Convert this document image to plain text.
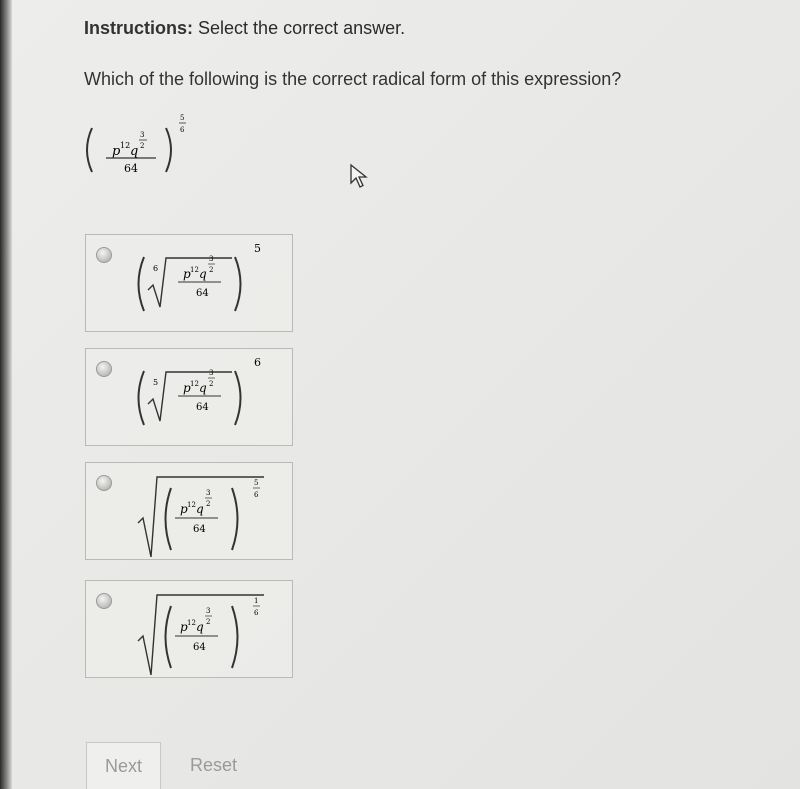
Instructions: Select the correct answer.
Which of the following is the correct radical form of this expression?
p 12 q
3
2
64
5
6
6 p 12 q
3
2
64
5
5 p 12 q
3
2
64
6
p 12 q
3
2
64
5
6
p 12 q
3
2
64
1
6
Next	Reset
